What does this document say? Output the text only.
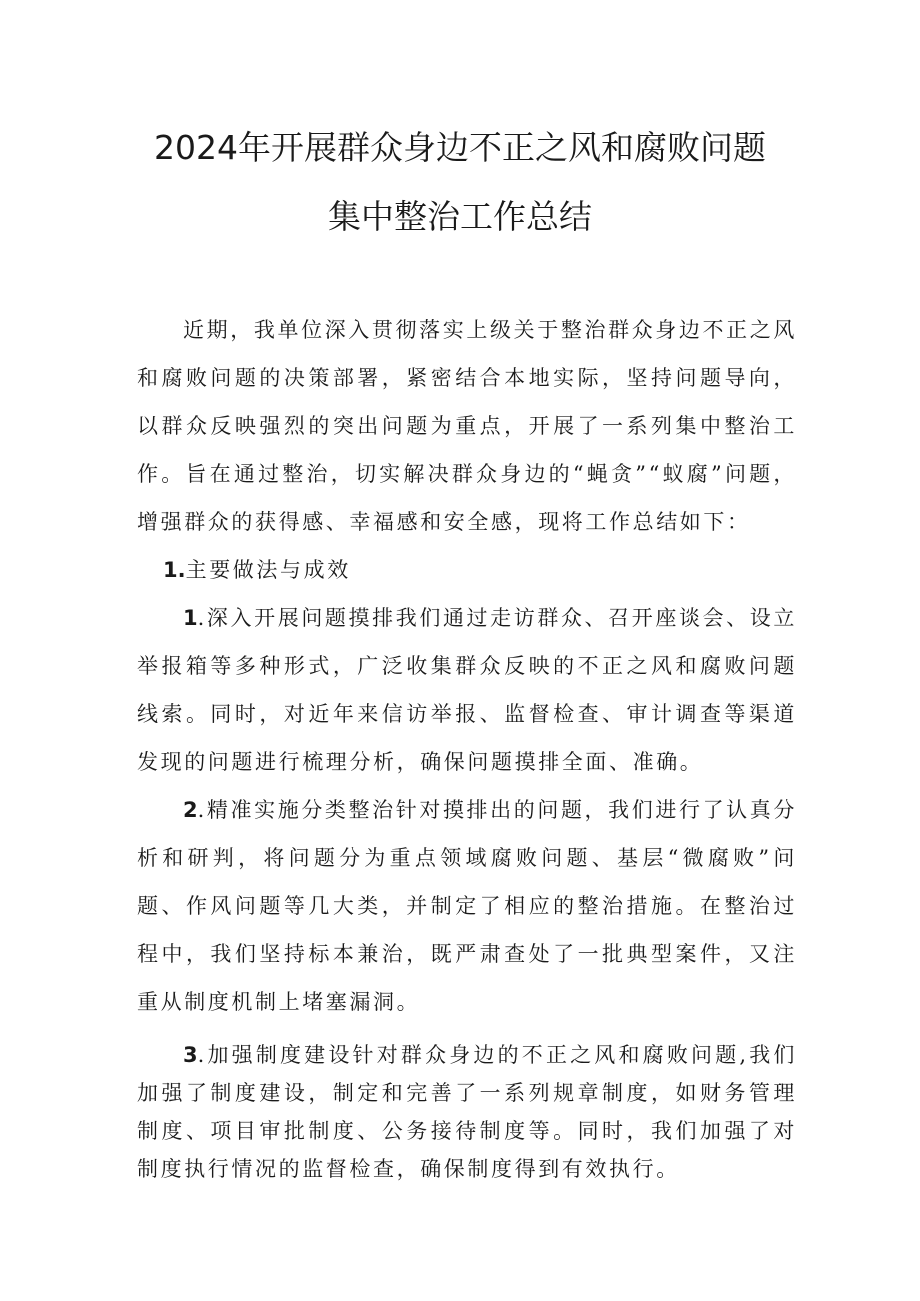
2024年开展群众身边不正之风和腐败问题
集中整治工作总结

近期，我单位深入贯彻落实上级关于整治群众身边不正之风和腐败问题的决策部署，紧密结合本地实际，坚持问题导向，以群众反映强烈的突出问题为重点，开展了一系列集中整治工作。旨在通过整治，切实解决群众身边的“蝇贪”“蚁腐”问题，增强群众的获得感、幸福感和安全感，现将工作总结如下：

1.主要做法与成效

1.深入开展问题摸排我们通过走访群众、召开座谈会、设立举报箱等多种形式，广泛收集群众反映的不正之风和腐败问题线索。同时，对近年来信访举报、监督检查、审计调查等渠道发现的问题进行梳理分析，确保问题摸排全面、准确。

2.精准实施分类整治针对摸排出的问题，我们进行了认真分析和研判，将问题分为重点领域腐败问题、基层“微腐败”问题、作风问题等几大类，并制定了相应的整治措施。在整治过程中，我们坚持标本兼治，既严肃查处了一批典型案件，又注重从制度机制上堵塞漏洞。

3.加强制度建设针对群众身边的不正之风和腐败问题,我们加强了制度建设，制定和完善了一系列规章制度，如财务管理制度、项目审批制度、公务接待制度等。同时，我们加强了对制度执行情况的监督检查，确保制度得到有效执行。
